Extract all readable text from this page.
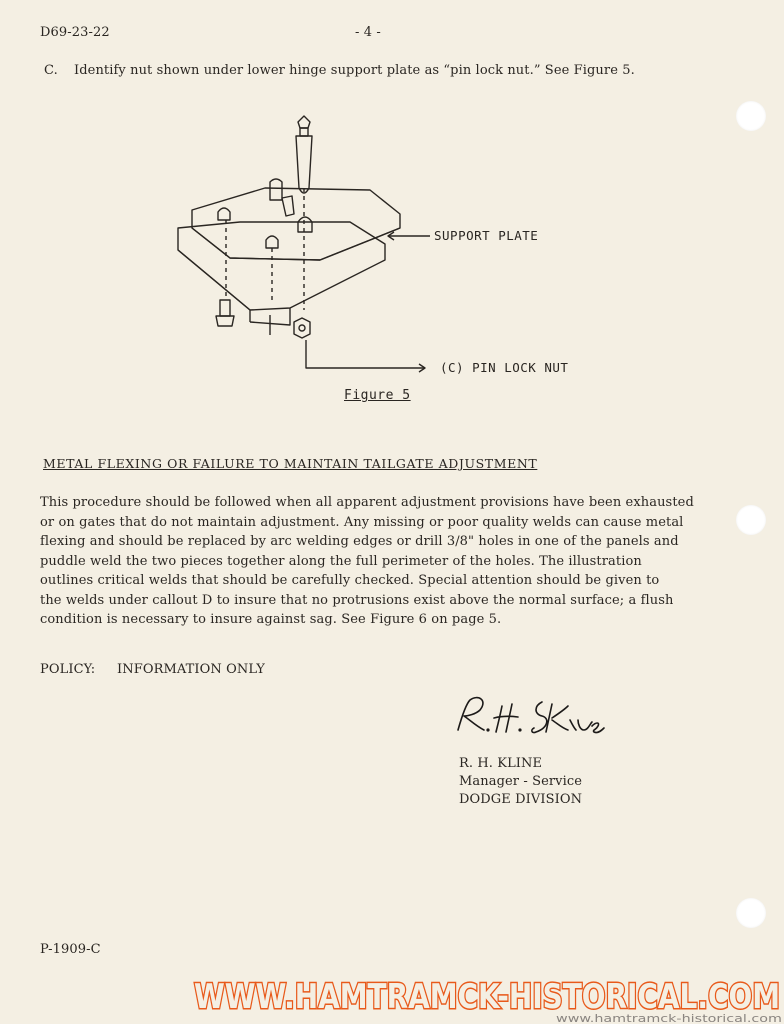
D69-23-22	- 4 -
C. Identify nut shown under lower hinge support plate as “pin lock nut.” See Figure 5.
SUPPORT PLATE
(C) PIN LOCK NUT
Figure 5
METAL FLEXING OR FAILURE TO MAINTAIN TAILGATE ADJUSTMENT
This procedure should be followed when all apparent adjustment provisions have been exhausted
or on gates that do not maintain adjustment. Any missing or poor quality welds can cause metal
flexing and should be replaced by arc welding edges or drill 3/8" holes in one of the panels and
puddle weld the two pieces together along the full perimeter of the holes. The illustration
outlines critical welds that should be carefully checked. Special attention should be given to
the welds under callout D to insure that no protrusions exist above the normal surface; a flush
condition is necessary to insure against sag. See Figure 6 on page 5.
POLICY: INFORMATION ONLY
R. H. KLINE
Manager - Service
DODGE DIVISION
P-1909-C
WWW.HAMTRAMCK-HISTORICAL.COM
www.hamtramck-historical.com
